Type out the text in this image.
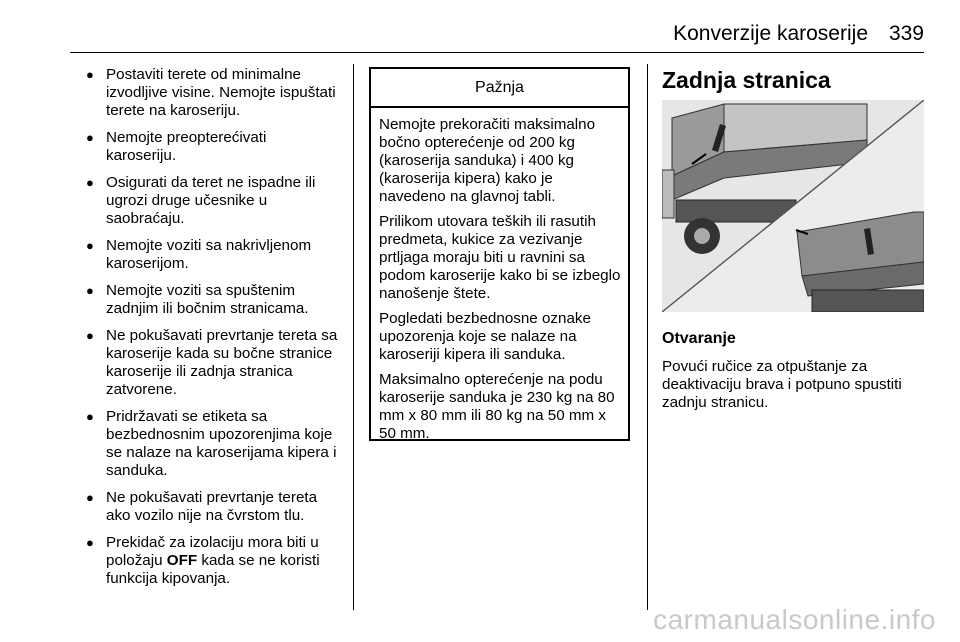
Konverzije karoserije 339
● Postaviti terete od minimalne izvodljive visine. Nemojte ispuštati terete na karoseriju.
● Nemojte preopterećivati karoseriju.
● Osigurati da teret ne ispadne ili ugrozi druge učesnike u saobraćaju.
● Nemojte voziti sa nakrivljenom karoserijom.
● Nemojte voziti sa spuštenim zadnjim ili bočnim stranicama.
● Ne pokušavati prevrtanje tereta sa karoserije kada su bočne stranice karoserije ili zadnja stranica zatvorene.
● Pridržavati se etiketa sa bezbednosnim upozorenjima koje se nalaze na karoserijama kipera i sanduka.
● Ne pokušavati prevrtanje tereta ako vozilo nije na čvrstom tlu.
● Prekidač za izolaciju mora biti u položaju OFF kada se ne koristi funkcija kipovanja.
Pažnja

Nemojte prekoračiti maksimalno bočno opterećenje od 200 kg (karoserija sanduka) i 400 kg (karoserija kipera) kako je navedeno na glavnoj tabli.

Prilikom utovara teških ili rasutih predmeta, kukice za vezivanje prtljaga moraju biti u ravnini sa podom karoserije kako bi se izbeglo nanošenje štete.

Pogledati bezbednosne oznake upozorenja koje se nalaze na karoseriji kipera ili sanduka.

Maksimalno opterećenje na podu karoserije sanduka je 230 kg na 80 mm x 80 mm ili 80 kg na 50 mm x 50 mm.

Zadnja stranica
Otvaranje
Povući ručice za otpuštanje za deaktivaciju brava i potpuno spustiti zadnju stranicu.
carmanualsonline.info
